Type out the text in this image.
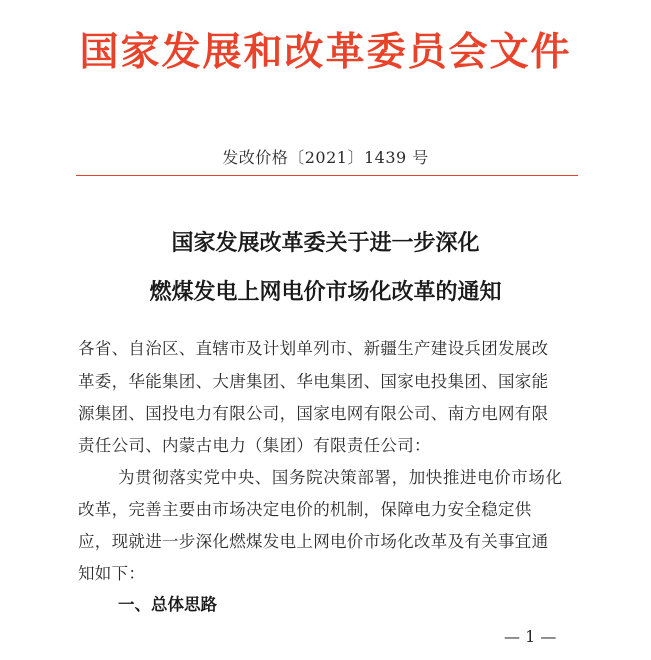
国家发展和改革委员会文件
发改价格〔2021〕1439 号
国家发展改革委关于进一步深化
燃煤发电上网电价市场化改革的通知
各省、自治区、直辖市及计划单列市、新疆生产建设兵团发展改
革委，华能集团、大唐集团、华电集团、国家电投集团、国家能
源集团、国投电力有限公司，国家电网有限公司、南方电网有限
责任公司、内蒙古电力（集团）有限责任公司：
为贯彻落实党中央、国务院决策部署，加快推进电价市场化
改革，完善主要由市场决定电价的机制，保障电力安全稳定供
应，现就进一步深化燃煤发电上网电价市场化改革及有关事宜通
知如下：
一、总体思路
— 1 —
